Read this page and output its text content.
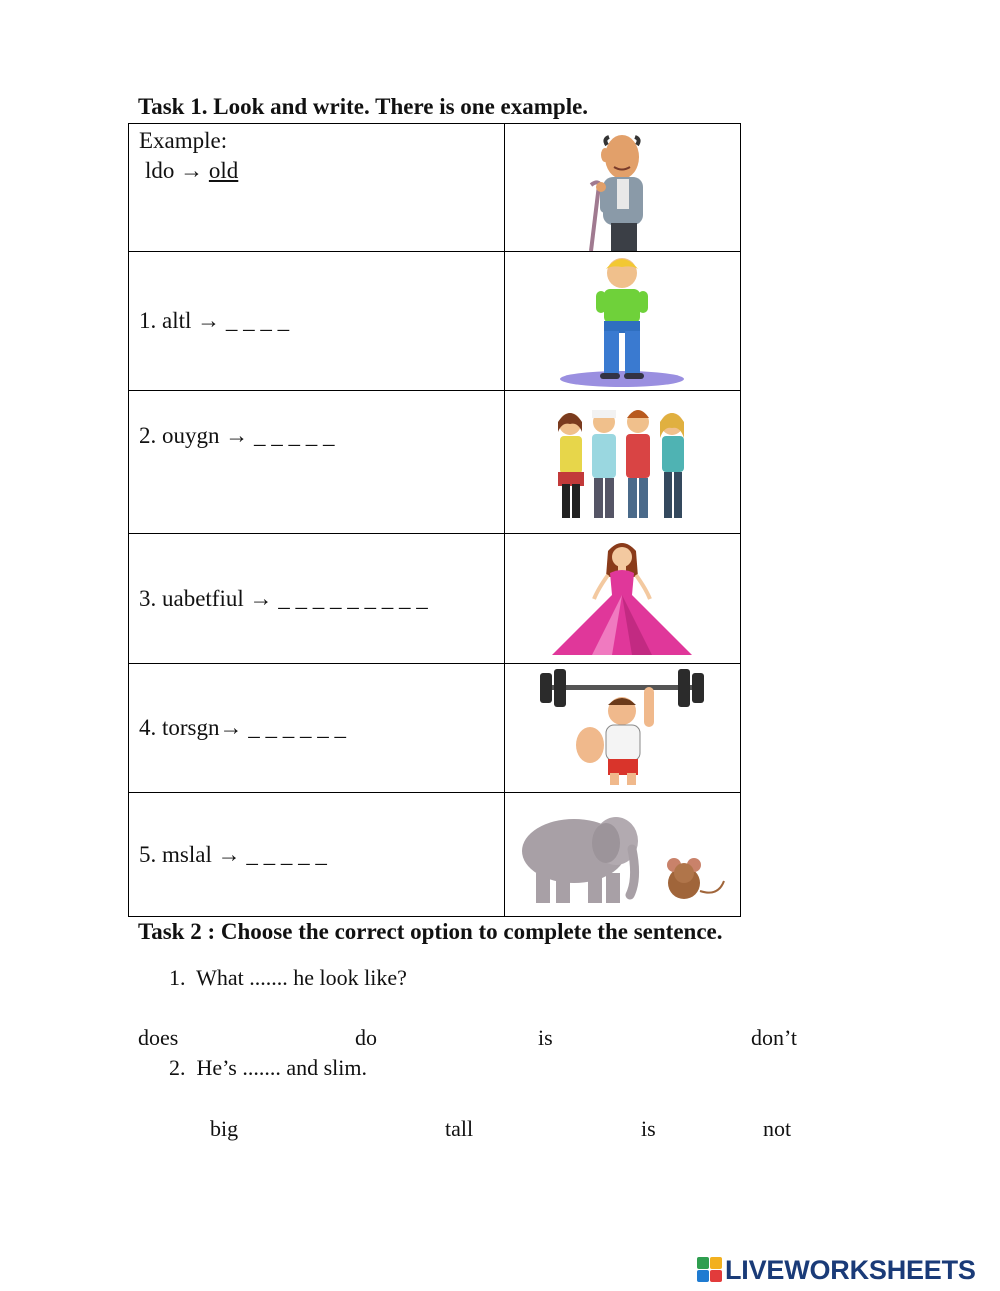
Task 1. Look and write. There is one example.
Example:
ldo → old

1. altl → _ _ _ _	

2. ouygn → _ _ _ _ _	

3. uabetfiul → _ _ _ _ _ _ _ _ _	

4. torsgn→ _ _ _ _ _ _	

5. mslal → _ _ _ _ _	
Task 2 : Choose the correct option to complete the sentence.
1. What ....... he look like?
does	do	is	don’t
2. He’s ....... and slim.
big	tall	is	not
LIVEWORKSHEETS
